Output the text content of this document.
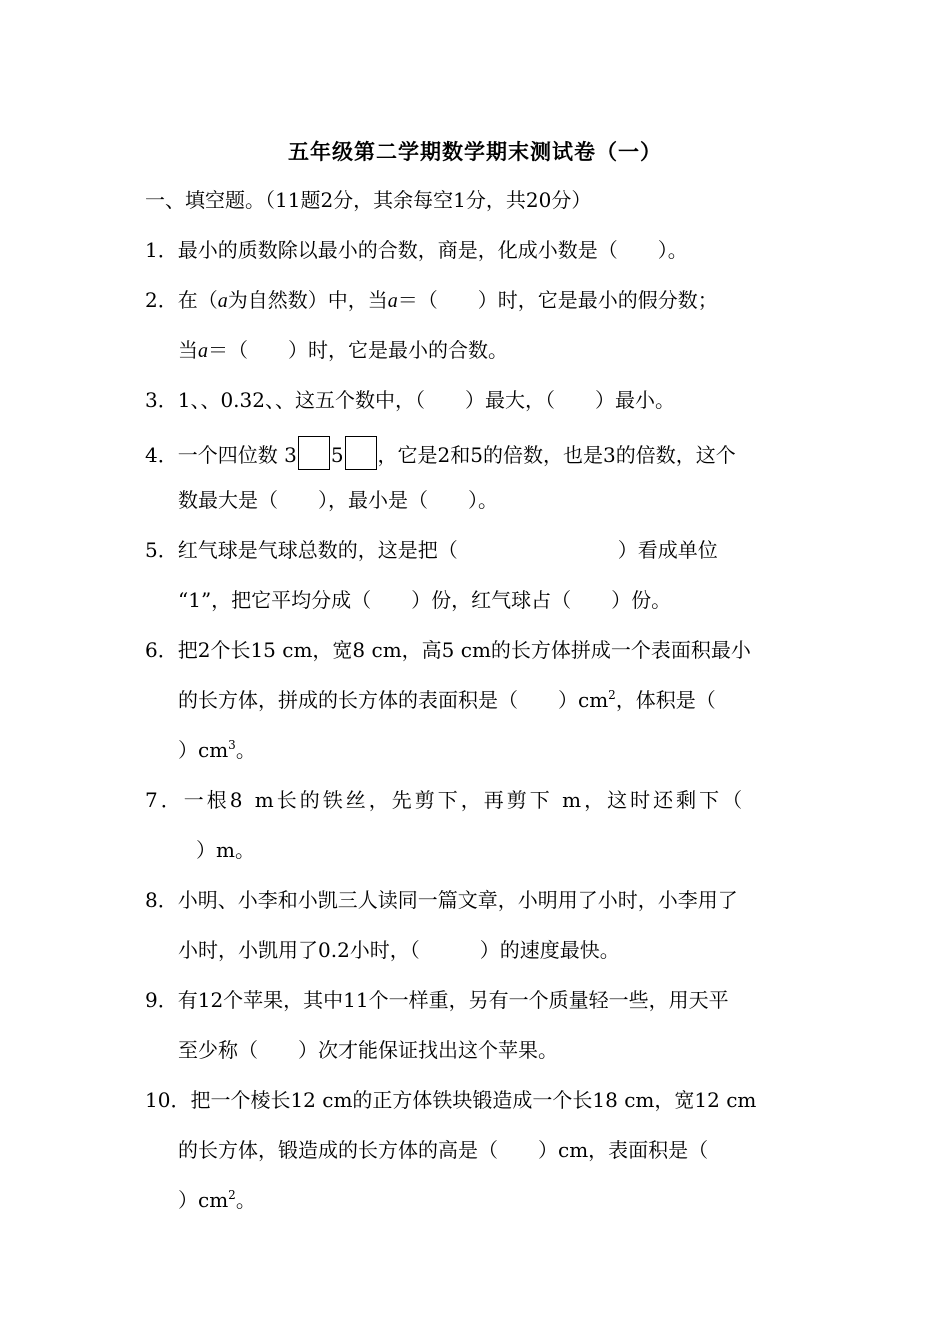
五年级第二学期数学期末测试卷（一）
一、填空题。（11题2分，其余每空1分，共20分）
1．最小的质数除以最小的合数，商是，化成小数是（　　）。
2．在（a为自然数）中，当a＝（　　）时，它是最小的假分数；
当a＝（　　）时，它是最小的合数。
3．1、、0.32、、这五个数中，（　　）最大，（　　）最小。
4．一个四位数 3 5 ，它是2和5的倍数，也是3的倍数，这个
数最大是（　　），最小是（　　）。
5．红气球是气球总数的，这是把（　　　　　　　　）看成单位
“1”，把它平均分成（　　）份，红气球占（　　）份。
6．把2个长15 cm，宽8 cm，高5 cm的长方体拼成一个表面积最小
的长方体，拼成的长方体的表面积是（　　）$cm^2$，体积是（
）$cm^3$。
7．一根8 m长的铁丝，先剪下，再剪下 m，这时还剩下（
）m。
8．小明、小李和小凯三人读同一篇文章，小明用了小时，小李用了
小时，小凯用了0.2小时，（　　　）的速度最快。
9．有12个苹果，其中11个一样重，另有一个质量轻一些，用天平
至少称（　　）次才能保证找出这个苹果。
10．把一个棱长12 cm的正方体铁块锻造成一个长18 cm，宽12 cm
的长方体，锻造成的长方体的高是（　　）cm，表面积是（
）$cm^2$。
